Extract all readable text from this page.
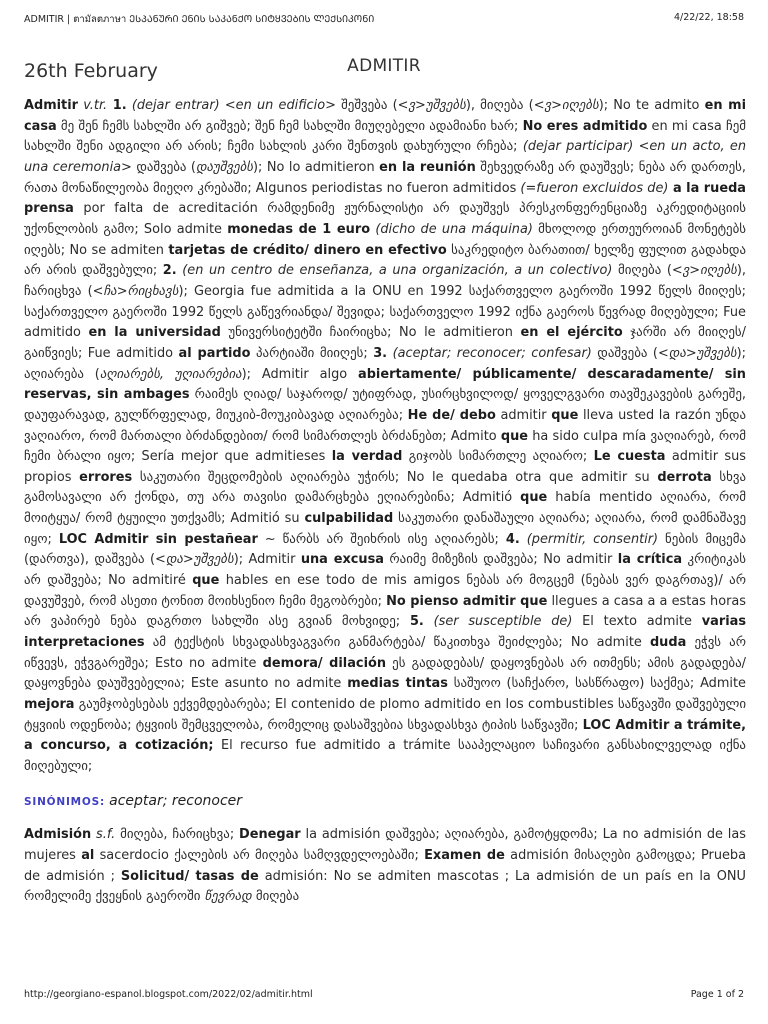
ADMITIR | ตามัลตภาษา ᲔᲡᲞᲐᲜᲣᲠᲘ ᲔᲜᲘᲡ ᲡᲐᲙᲐᲜᲥᲝ ᲡᲘᲢᲧᲕᲔᲑᲘᲡ ᲚᲔᲥᲡᲘᲙᲝᲜᲘ	4/22/22, 18:58
26th February	ADMITIR

Admitir v.tr. 1. (dejar entrar) <en un edificio> შეშვება (<ვ>უშვებს), მიღება (<ვ>იღებს); No te admito en mi casa მე შენ ჩემს სახლში არ გიშვებ; შენ ჩემ სახლში მიუღებელი ადამიანი ხარ; No eres admitido en mi casa ჩემ სახლში შენი ადგილი არ არის; ჩემი სახლის კარი შენთვის დახურული რჩება; (dejar participar) <en un acto, en una ceremonia> დაშვება (დაუშვებს); No lo admitieron en la reunión შეხვედრაზე არ დაუშვეს; ნება არ დართეს, რათა მონაწილეობა მიეღო კრებაში; Algunos periodistas no fueron admitidos (=fueron excluidos de) a la rueda prensa por falta de acreditación რამდენიმე ჟურნალისტი არ დაუშვეს პრესკონფერენციაზე აკრედიტაციის უქონლობის გამო; Solo admite monedas de 1 euro (dicho de una máquina) მხოლოდ ერთეუროიან მონეტებს იღებს; No se admiten tarjetas de crédito/ dinero en efectivo საკრედიტო ბარათით/ ხელზე ფულით გადახდა არ არის დაშვებული; 2. (en un centro de enseñanza, a una organización, a un colectivo) მიღება (<ვ>იღებს), ჩარიცხვა (<ჩა>რიცხავს); Georgia fue admitida a la ONU en 1992 საქართველო გაეროში 1992 წელს მიიღეს; საქართველო გაეროში 1992 წელს გაწევრიანდა/ შევიდა; საქართველო 1992 იქნა გაეროს წევრად მიღებული; Fue admitido en la universidad უნივერსიტეტში ჩაირიცხა; No le admitieron en el ejército ჯარში არ მიიღეს/ გაიწვიეს; Fue admitido al partido პარტიაში მიიღეს; 3. (aceptar; reconocer; confesar) დაშვება (<და>უშვებს); აღიარება (აღიარებს, უღიარებია); Admitir algo abiertamente/ públicamente/ descaradamente/ sin reservas, sin ambages რაიმეს ღიად/ საჯაროდ/ უტიფრად, უსირცხვილოდ/ ყოველგვარი თავშეკავების გარეშე, დაუფარავად, გულწრფელად, მიუკიბ-მოუკიბავად აღიარება; He de/ debo admitir que lleva usted la razón უნდა ვაღიარო, რომ მართალი ბრძანდებით/ რომ სიმართლეს ბრძანებთ; Admito que ha sido culpa mía ვაღიარებ, რომ ჩემი ბრალი იყო; Sería mejor que admitieses la verdad გიჯობს სიმართლე აღიარო; Le cuesta admitir sus propios errores საკუთარი შეცდომების აღიარება უჭირს; No le quedaba otra que admitir su derrota სხვა გამოსავალი არ ქონდა, თუ არა თავისი დამარცხება ეღიარებინა; Admitió que había mentido აღიარა, რომ მოიტყუა/ რომ ტყუილი უთქვამს; Admitió su culpabilidad საკუთარი დანაშაული აღიარა; აღიარა, რომ დამნაშავე იყო; LOC Admitir sin pestañear ~ წარბს არ შეიხრის ისე აღიარებს; 4. (permitir, consentir) ნების მიცემა (დართვა), დაშვება (<და>უშვებს); Admitir una excusa რაიმე მიზეზის დაშვება; No admitir la crítica კრიტიკას არ დაშვება; No admitiré que hables en ese todo de mis amigos ნებას არ მოგცემ (ნებას ვერ დაგრთავ)/ არ დავუშვებ, რომ ასეთი ტონით მოიხსენიო ჩემი მეგობრები; No pienso admitir que llegues a casa a a estas horas არ ვაპირებ ნება დაგრთო სახლში ასე გვიან მოხვიდე; 5. (ser susceptible de) El texto admite varias interpretaciones ამ ტექსტის სხვადასხვაგვარი განმარტება/ წაკითხვა შეიძლება; No admite duda ეჭვს არ იწვევს, ეჭვგარეშეა; Esto no admite demora/ dilación ეს გადადებას/ დაყოვნებას არ ითმენს; ამის გადადება/ დაყოვნება დაუშვებელია; Este asunto no admite medias tintas საშუოო (საჩქარო, სასწრაფო) საქმეა; Admite mejora გაუმჯობესებას ექვემდებარება; El contenido de plomo admitido en los combustibles საწვავში დაშვებული ტყვიის ოდენობა; ტყვიის შემცველობა, რომელიც დასაშვებია სხვადასხვა ტიპის საწვავში; LOC Admitir a trámite, a concurso, a cotización; El recurso fue admitido a trámite სააპელაციო საჩივარი განსახილველად იქნა მიღებული;

SINÓNIMOS: aceptar; reconocer

Admisión s.f. მიღება, ჩარიცხვა; Denegar la admisión დაშვება; აღიარება, გამოტყდომა; La no admisión de las mujeres al sacerdocio ქალების არ მიღება სამღვდელოებაში; Examen de admisión მისაღები გამოცდა; Prueba de admisión ; Solicitud/ tasas de admisión: No se admiten mascotas ; La admisión de un país en la ONU რომელიმე ქვეყნის გაეროში წევრად მიღება

http://georgiano-espanol.blogspot.com/2022/02/admitir.html	Page 1 of 2
